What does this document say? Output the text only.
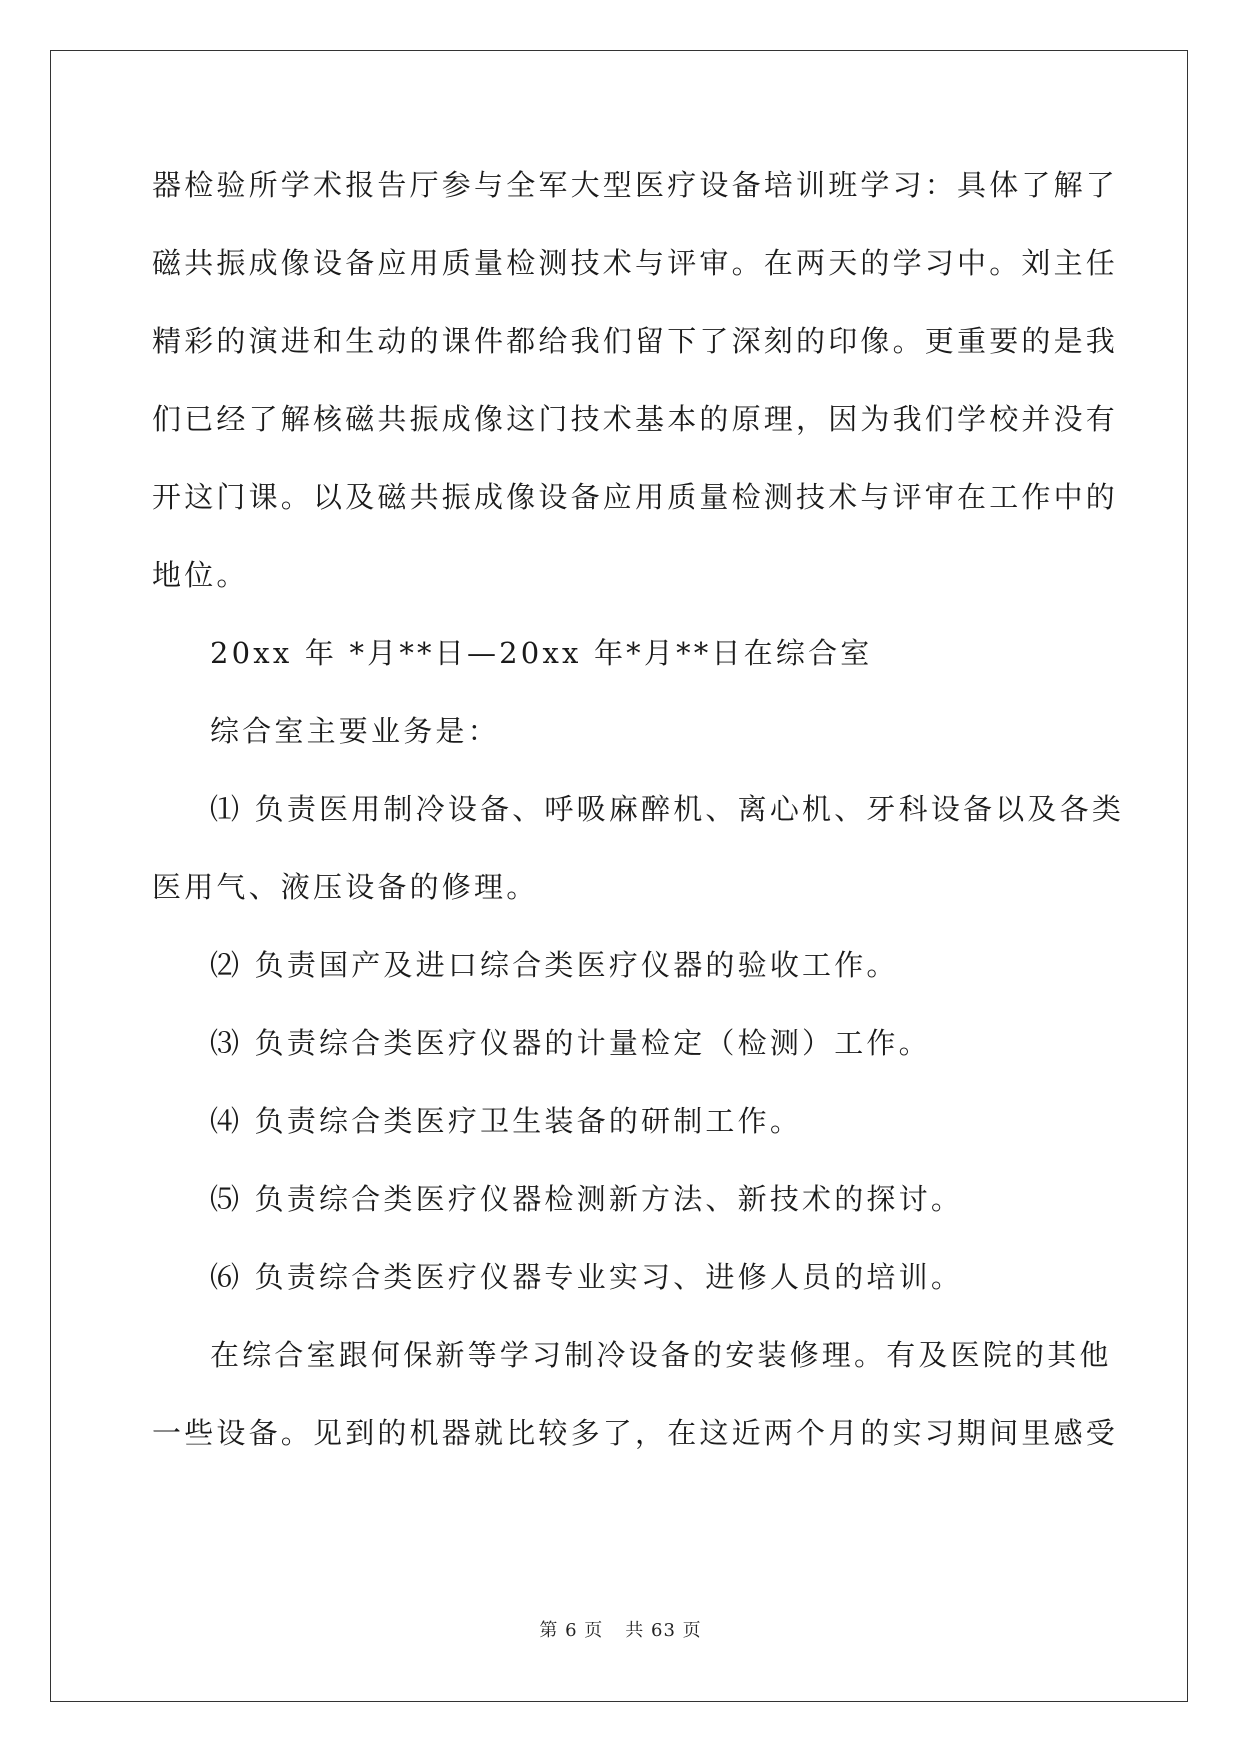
器检验所学术报告厅参与全军大型医疗设备培训班学习：具体了解了
磁共振成像设备应用质量检测技术与评审。在两天的学习中。刘主任
精彩的演进和生动的课件都给我们留下了深刻的印像。更重要的是我
们已经了解核磁共振成像这门技术基本的原理，因为我们学校并没有
开这门课。以及磁共振成像设备应用质量检测技术与评审在工作中的
地位。
20xx 年 *月**日—20xx 年*月**日在综合室
综合室主要业务是：
⑴ 负责医用制冷设备、呼吸麻醉机、离心机、牙科设备以及各类
医用气、液压设备的修理。
⑵ 负责国产及进口综合类医疗仪器的验收工作。
⑶ 负责综合类医疗仪器的计量检定（检测）工作。
⑷ 负责综合类医疗卫生装备的研制工作。
⑸ 负责综合类医疗仪器检测新方法、新技术的探讨。
⑹ 负责综合类医疗仪器专业实习、进修人员的培训。
在综合室跟何保新等学习制冷设备的安装修理。有及医院的其他
一些设备。见到的机器就比较多了，在这近两个月的实习期间里感受
第 6 页 共 63 页
